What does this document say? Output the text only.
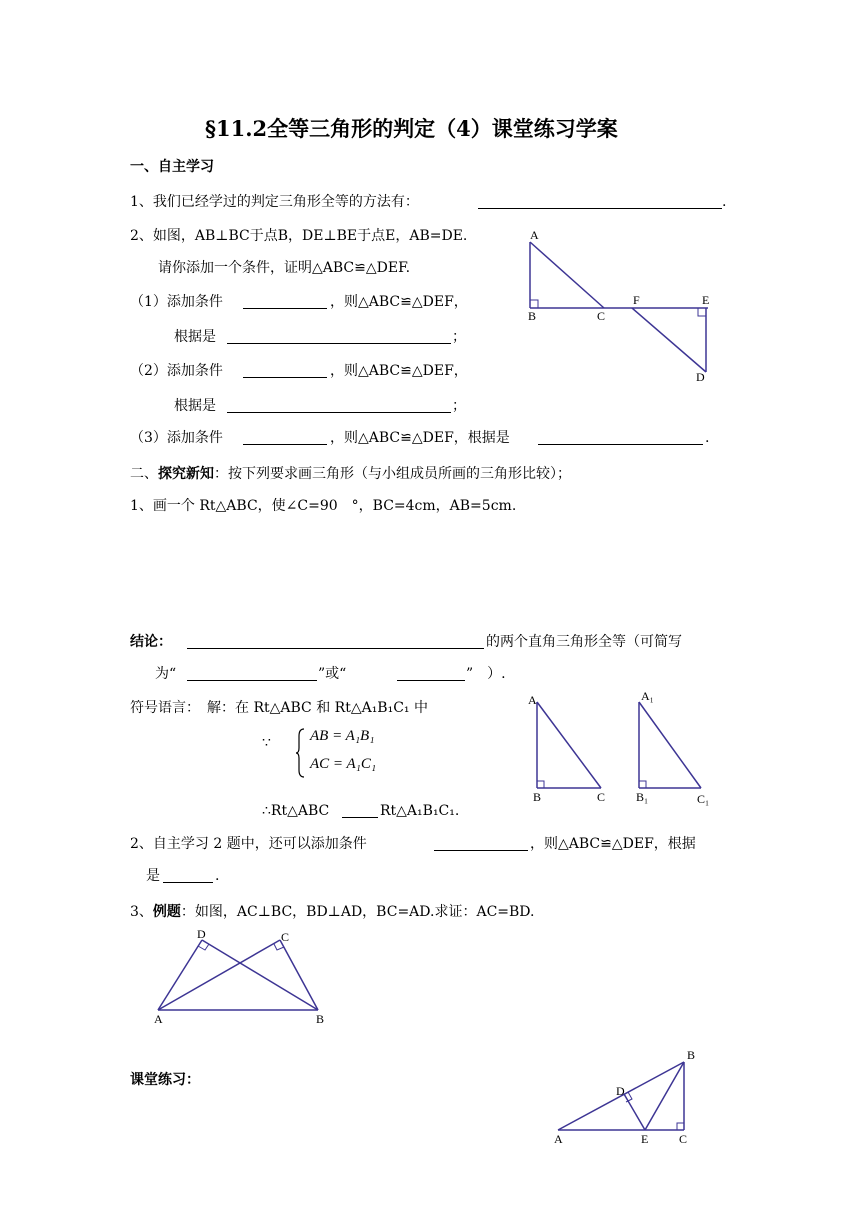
§11.2全等三角形的判定（4）课堂练习学案
一、自主学习
1、我们已经学过的判定三角形全等的方法有：	.
2、如图，AB⊥BC于点B，DE⊥BE于点E，AB=DE.
请你添加一个条件，证明△ABC≌△DEF.
（1）添加条件	，则△ABC≌△DEF，
根据是	；
（2）添加条件	，则△ABC≌△DEF，
根据是	；
（3）添加条件	，则△ABC≌△DEF，根据是	.
A
B	C
F	E
D
二、探究新知：按下列要求画三角形（与小组成员所画的三角形比较）；
1、画一个 Rt△ABC，使∠C=90　°，BC=4cm，AB=5cm.
结论：	的两个直角三角形全等（可简写
为“	”或“	”　）.
符号语言：　解：在 Rt△ABC 和 Rt△A₁B₁C₁ 中
∵	AB = A₁B₁
AC = A₁C₁
∴Rt△ABC	Rt△A₁B₁C₁.
A
B	C
A₁
B₁	C₁
2、自主学习 2 题中，还可以添加条件	，则△ABC≌△DEF，根据
是	.
3、例题：如图，AC⊥BC，BD⊥AD，BC=AD.求证：AC=BD.
D	C
A	B
课堂练习：
B
D
A	E	C
